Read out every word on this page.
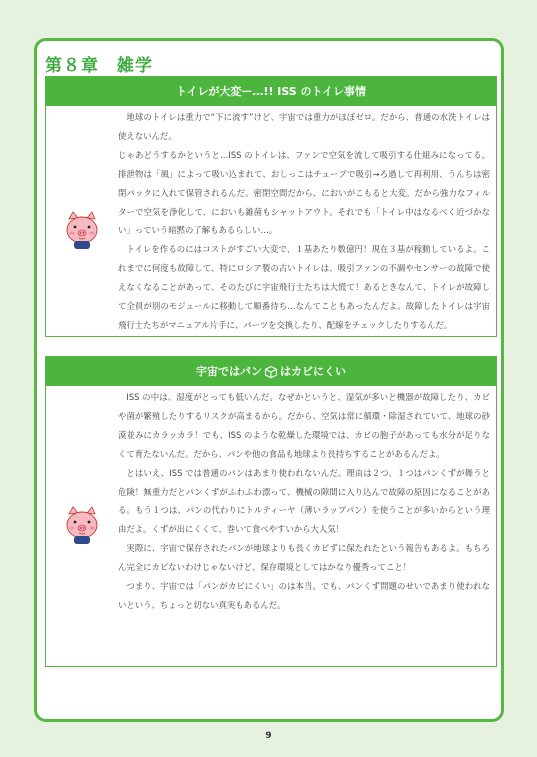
第８章 雑学
トイレが大変ー…!! ISS のトイレ事情

地球のトイレは重力で“下に流す”けど、宇宙では重力がほぼゼロ。だから、普通の水洗トイレは使えないんだ。

じゃあどうするかというと…ISS のトイレは、ファンで空気を流して吸引する仕組みになってる。排泄物は「風」によって吸い込まれて、おしっこはチューブで吸引→ろ過して再利用、うんちは密閉パックに入れて保管されるんだ。密閉空間だから、においがこもると大変。だから強力なフィルターで空気を浄化して、においも雑菌もシャットアウト。それでも「トイレ中はなるべく近づかない」っていう暗黙の了解もあるらしい…。

トイレを作るのにはコストがすごい大変で、１基あたり数億円！現在３基が稼動しているよ。これまでに何度も故障して、特にロシア製の古いトイレは、吸引ファンの不調やセンサーの故障で使えなくなることがあって、そのたびに宇宙飛行士たちは大慌て！あるときなんて、トイレが故障して全員が別のモジュールに移動して順番待ち…なんてこともあったんだよ。故障したトイレは宇宙飛行士たちがマニュアル片手に、パーツを交換したり、配線をチェックしたりするんだ。

宇宙ではパン はカビにくい

ISS の中は、湿度がとっても低いんだ。なぜかというと、湿気が多いと機器が故障したり、カビや菌が繁殖したりするリスクが高まるから。だから、空気は常に循環・除湿されていて、地球の砂漠並みにカラッカラ！でも、ISS のような乾燥した環境では、カビの胞子があっても水分が足りなくて育たないんだ。だから、パンや他の食品も地球より長持ちすることがあるんだよ。

とはいえ、ISS では普通のパンはあまり使われないんだ。理由は２つ、１つはパンくずが舞うと危険！無重力だとパンくずがふわふわ漂って、機械の隙間に入り込んで故障の原因になることがある。もう１つは、パンの代わりにトルティーヤ（薄いラップパン）を使うことが多いからという理由だよ。くずが出にくくて、巻いて食べやすいから大人気！

実際に、宇宙で保存されたパンが地球よりも長くカビずに保たれたという報告もあるよ。もちろん完全にカビないわけじゃないけど、保存環境としてはかなり優秀ってこと！

つまり、宇宙では「パンがカビにくい」のは本当。でも、パンくず問題のせいであまり使われないという、ちょっと切ない真実もあるんだ。

9
